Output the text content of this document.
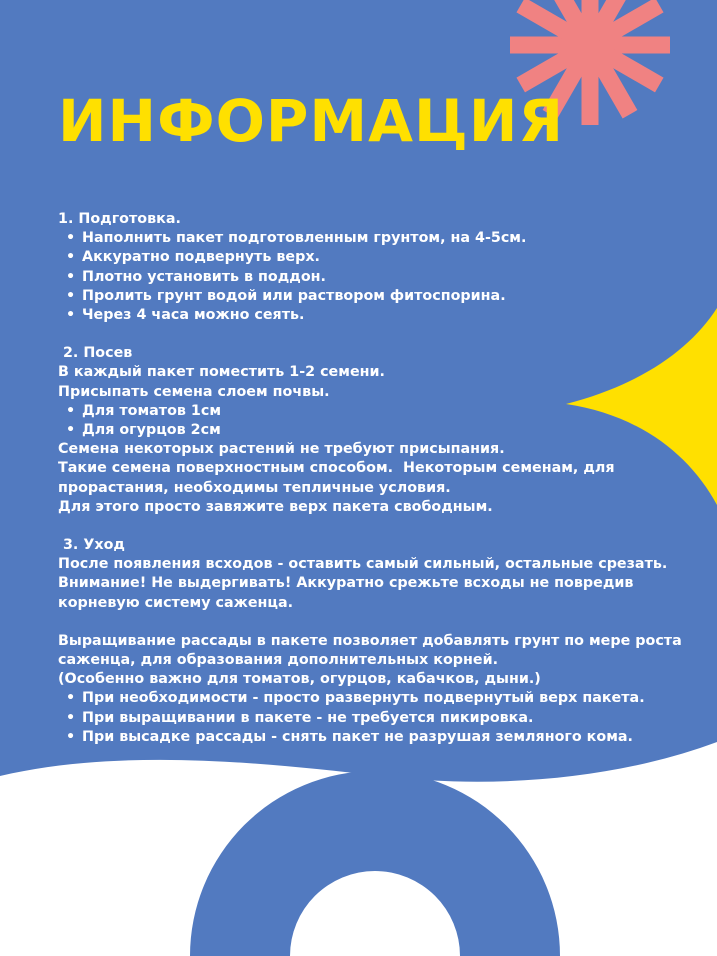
ИНФОРМАЦИЯ

1. Подготовка.

• Наполнить пакет подготовленным грунтом, на 4-5см.
• Аккуратно подвернуть верх.
• Плотно установить в поддон.
• Пролить грунт водой или раствором фитоспорина.
• Через 4 часа можно сеять.

2. Посев

В каждый пакет поместить 1-2 семени.

Присыпать семена слоем почвы.

• Для томатов 1см
• Для огурцов 2см

Семена некоторых растений не требуют присыпания.

Такие семена поверхностным способом.  Некоторым семенам, для

прорастания, необходимы тепличные условия.

Для этого просто завяжите верх пакета свободным.

3. Уход

После появления всходов - оставить самый сильный, остальные срезать.

Внимание! Не выдергивать! Аккуратно срежьте всходы не повредив

корневую систему саженца.

Выращивание рассады в пакете позволяет добавлять грунт по мере роста

саженца, для образования дополнительных корней.

(Особенно важно для томатов, огурцов, кабачков, дыни.)

• При необходимости - просто развернуть подвернутый верх пакета.
• При выращивании в пакете - не требуется пикировка.
• При высадке рассады - снять пакет не разрушая земляного кома.
